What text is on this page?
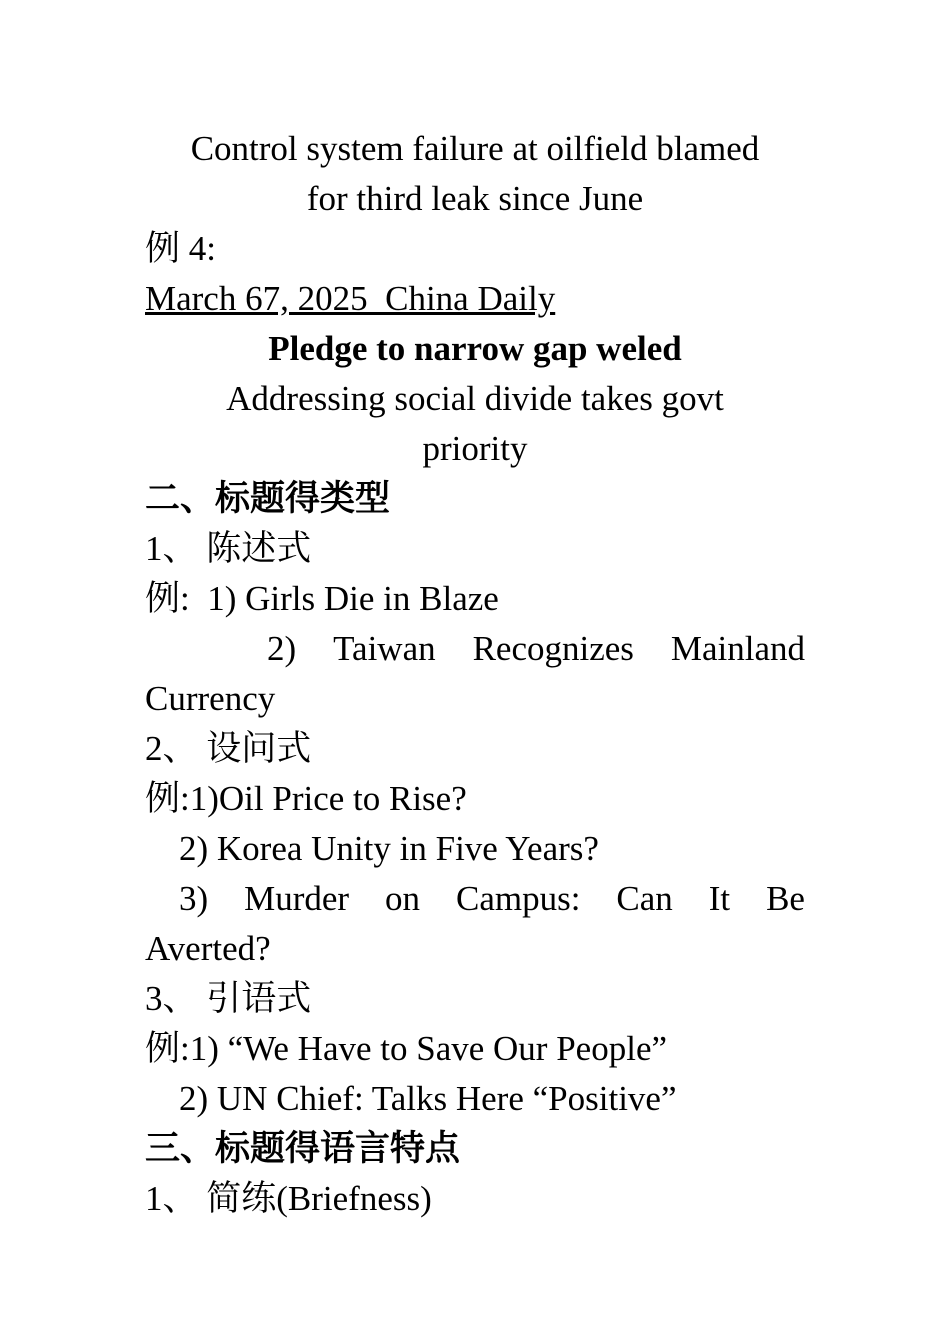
Control system failure at oilfield blamed
for third leak since June
例 4:
March 67, 2025  China Daily
Pledge to narrow gap weled
Addressing social divide takes govt
priority
二、标题得类型
1、 陈述式
例:  1) Girls Die in Blaze
2) Taiwan Recognizes Mainland
Currency
2、 设问式
例:1)Oil Price to Rise?
2) Korea Unity in Five Years?
3) Murder on Campus: Can It Be
Averted?
3、 引语式
例:1) “We Have to Save Our People”
2) UN Chief: Talks Here “Positive”
三、标题得语言特点
1、 简练(Briefness)
